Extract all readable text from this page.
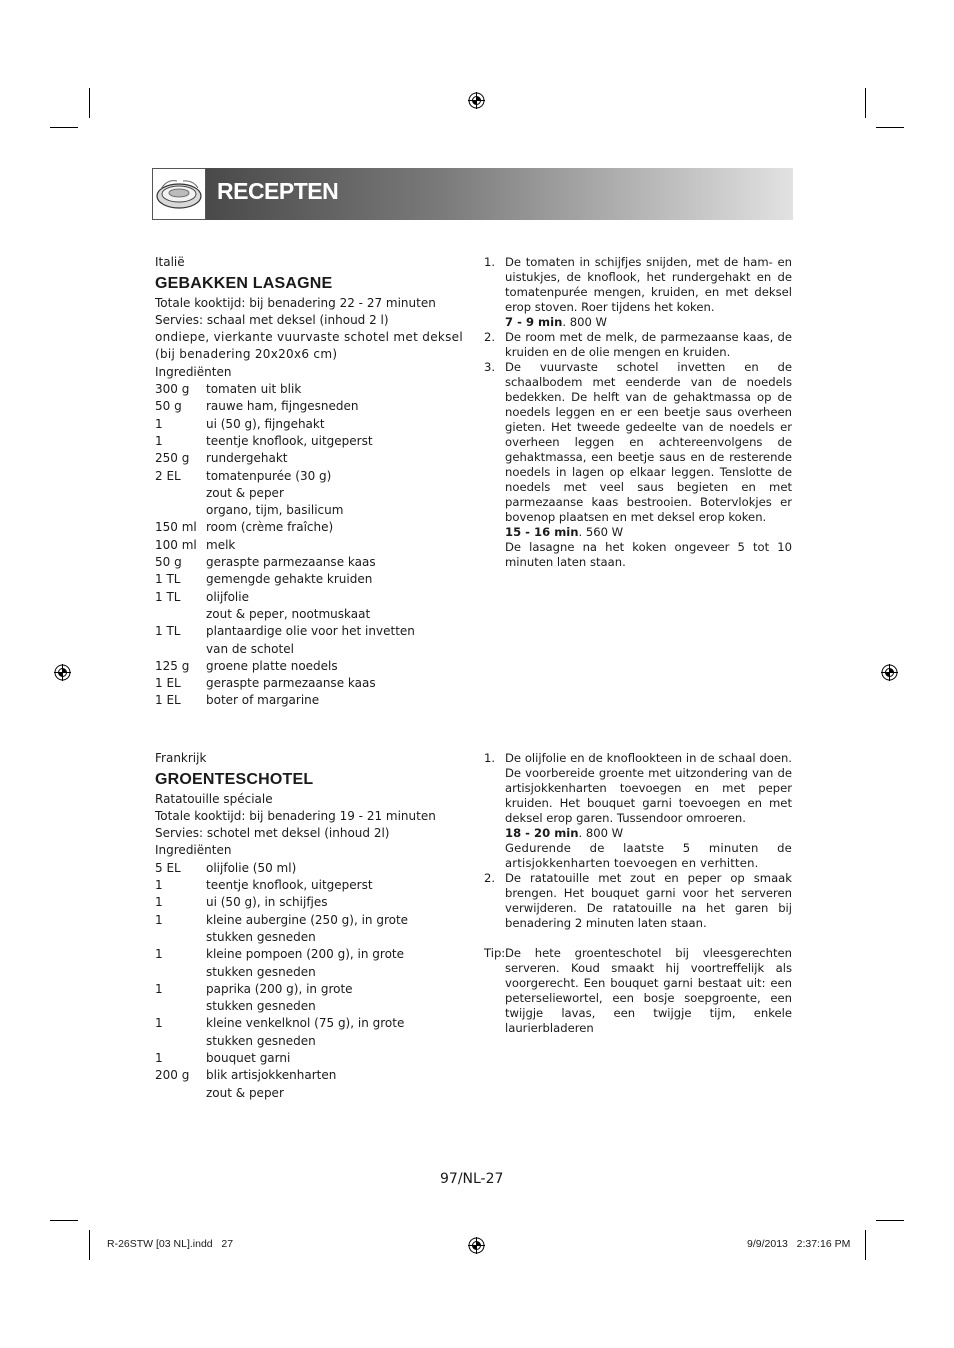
RECEPTEN
Italië
GEBAKKEN LASAGNE
Totale kooktijd: bij benadering 22 - 27 minuten
Servies: schaal met deksel (inhoud 2 l)
ondiepe, vierkante vuurvaste schotel met deksel (bij benadering 20x20x6 cm)
Ingrediënten
300 g	tomaten uit blik
50 g	rauwe ham, fijngesneden
1	ui (50 g), fijngehakt
1	teentje knoflook, uitgeperst
250 g	rundergehakt
2 EL	tomatenpurée (30 g)
zout & peper
organo, tijm, basilicum
150 ml room (crème fraîche)
100 ml melk
50 g	geraspte parmezaanse kaas
1 TL	gemengde gehakte kruiden
1 TL	olijfolie
zout & peper, nootmuskaat
1 TL	plantaardige olie voor het invetten
van de schotel
125 g	groene platte noedels
1 EL	geraspte parmezaanse kaas
1 EL	boter of margarine
1. De tomaten in schijfjes snijden, met de ham- en uistukjes, de knoflook, het rundergehakt en de tomatenpurée mengen, kruiden, en met deksel erop stoven. Roer tijdens het koken.
7 - 9 min. 800 W
2. De room met de melk, de parmezaanse kaas, de kruiden en de olie mengen en kruiden.
3. De vuurvaste schotel invetten en de schaalbodem met eenderde van de noedels bedekken. De helft van de gehaktmassa op de noedels leggen en er een beetje saus overheen gieten. Het tweede gedeelte van de noedels er overheen leggen en achtereenvolgens de gehaktmassa, een beetje saus en de resterende noedels in lagen op elkaar leggen. Tenslotte de noedels met veel saus begieten en met parmezaanse kaas bestrooien. Botervlokjes er bovenop plaatsen en met deksel erop koken.
15 - 16 min. 560 W
De lasagne na het koken ongeveer 5 tot 10 minuten laten staan.
Frankrijk
GROENTESCHOTEL
Ratatouille spéciale
Totale kooktijd: bij benadering 19 - 21 minuten
Servies: schotel met deksel (inhoud 2l)
Ingrediënten
5 EL	olijfolie (50 ml)
1	teentje knoflook, uitgeperst
1	ui (50 g), in schijfjes
1	kleine aubergine (250 g), in grote
stukken gesneden
1	kleine pompoen (200 g), in grote
stukken gesneden
1	paprika (200 g), in grote
stukken gesneden
1	kleine venkelknol (75 g), in grote
stukken gesneden
1	bouquet garni
200 g	blik artisjokkenharten
zout & peper
1. De olijfolie en de knoflookteen in de schaal doen. De voorbereide groente met uitzondering van de artisjokkenharten toevoegen en met peper kruiden. Het bouquet garni toevoegen en met deksel erop garen. Tussendoor omroeren.
18 - 20 min. 800 W
Gedurende de laatste 5 minuten de artisjokkenharten toevoegen en verhitten.
2. De ratatouille met zout en peper op smaak brengen. Het bouquet garni voor het serveren verwijderen. De ratatouille na het garen bij benadering 2 minuten laten staan.
Tip: De hete groenteschotel bij vleesgerechten serveren. Koud smaakt hij voortreffelijk als voorgerecht. Een bouquet garni bestaat uit: een peterseliewortel, een bosje soepgroente, een twijgje lavas, een twijgje tijm, enkele laurierbladeren
97/NL-27
R-26STW [03 NL].indd   27	9/9/2013   2:37:16 PM
